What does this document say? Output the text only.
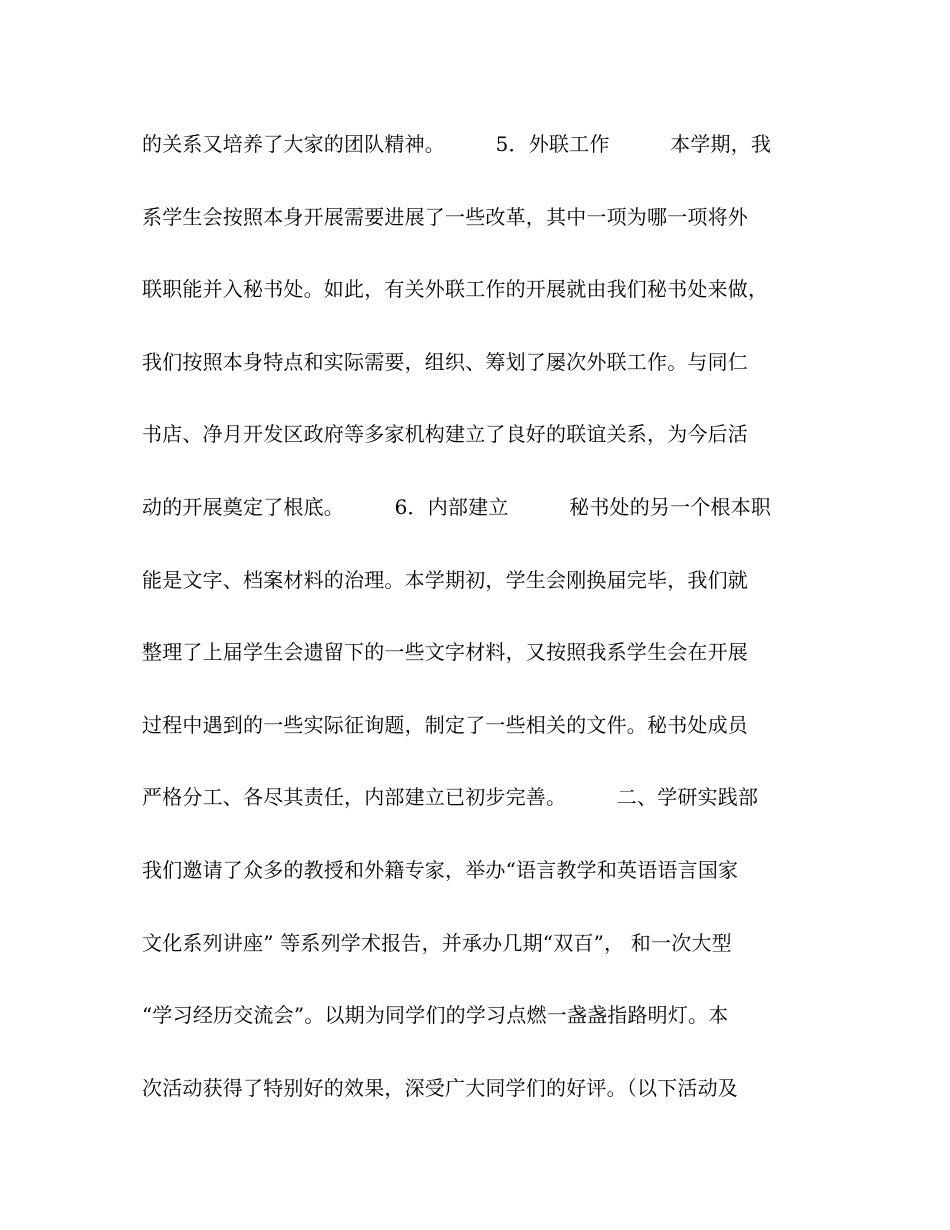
的关系又培养了大家的团队精神。　　　5．外联工作　　　本学期，我
系学生会按照本身开展需要进展了一些改革，其中一项为哪一项将外
联职能并入秘书处。如此，有关外联工作的开展就由我们秘书处来做，
我们按照本身特点和实际需要，组织、筹划了屡次外联工作。与同仁
书店、净月开发区政府等多家机构建立了良好的联谊关系，为今后活
动的开展奠定了根底。　　　6．内部建立　　　秘书处的另一个根本职
能是文字、档案材料的治理。本学期初，学生会刚换届完毕，我们就
整理了上届学生会遗留下的一些文字材料，又按照我系学生会在开展
过程中遇到的一些实际征询题，制定了一些相关的文件。秘书处成员
严格分工、各尽其责任，内部建立已初步完善。　　　二、学研实践部
我们邀请了众多的教授和外籍专家，举办“语言教学和英语语言国家
文化系列讲座” 等系列学术报告，并承办几期“双百”， 和一次大型
“学习经历交流会”。以期为同学们的学习点燃一盏盏指路明灯。本
次活动获得了特别好的效果，深受广大同学们的好评。（以下活动及
